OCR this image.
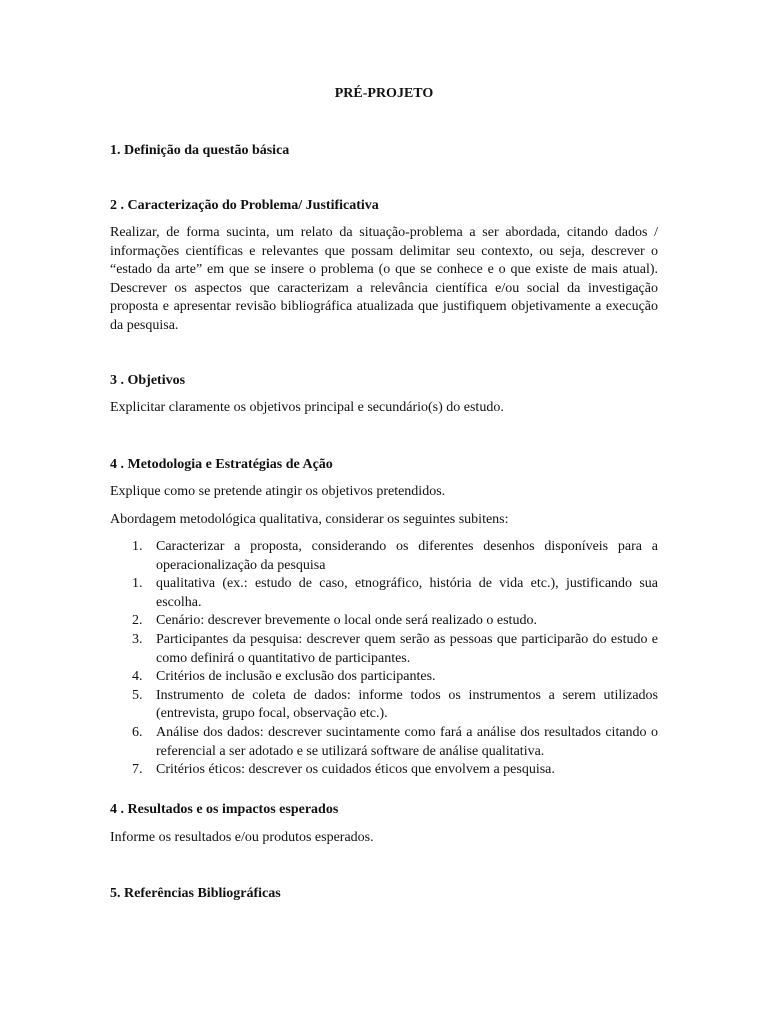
PRÉ-PROJETO

1. Definição da questão básica

2 . Caracterização do Problema/ Justificativa

Realizar, de forma sucinta, um relato da situação-problema a ser abordada, citando dados / informações científicas e relevantes que possam delimitar seu contexto, ou seja, descrever o “estado da arte” em que se insere o problema (o que se conhece e o que existe de mais atual). Descrever os aspectos que caracterizam a relevância científica e/ou social da investigação proposta e apresentar revisão bibliográfica atualizada que justifiquem objetivamente a execução da pesquisa.

3 . Objetivos

Explicitar claramente os objetivos principal e secundário(s) do estudo.

4 . Metodologia e Estratégias de Ação

Explique como se pretende atingir os objetivos pretendidos.

Abordagem metodológica qualitativa, considerar os seguintes subitens:

1. Caracterizar a proposta, considerando os diferentes desenhos disponíveis para a operacionalização da pesquisa
1. qualitativa (ex.: estudo de caso, etnográfico, história de vida etc.), justificando sua escolha.
2. Cenário: descrever brevemente o local onde será realizado o estudo.
3. Participantes da pesquisa: descrever quem serão as pessoas que participarão do estudo e como definirá o quantitativo de participantes.
4. Critérios de inclusão e exclusão dos participantes.
5. Instrumento de coleta de dados: informe todos os instrumentos a serem utilizados (entrevista, grupo focal, observação etc.).
6. Análise dos dados: descrever sucintamente como fará a análise dos resultados citando o referencial a ser adotado e se utilizará software de análise qualitativa.
7. Critérios éticos: descrever os cuidados éticos que envolvem a pesquisa.

4 . Resultados e os impactos esperados

Informe os resultados e/ou produtos esperados.

5. Referências Bibliográficas
